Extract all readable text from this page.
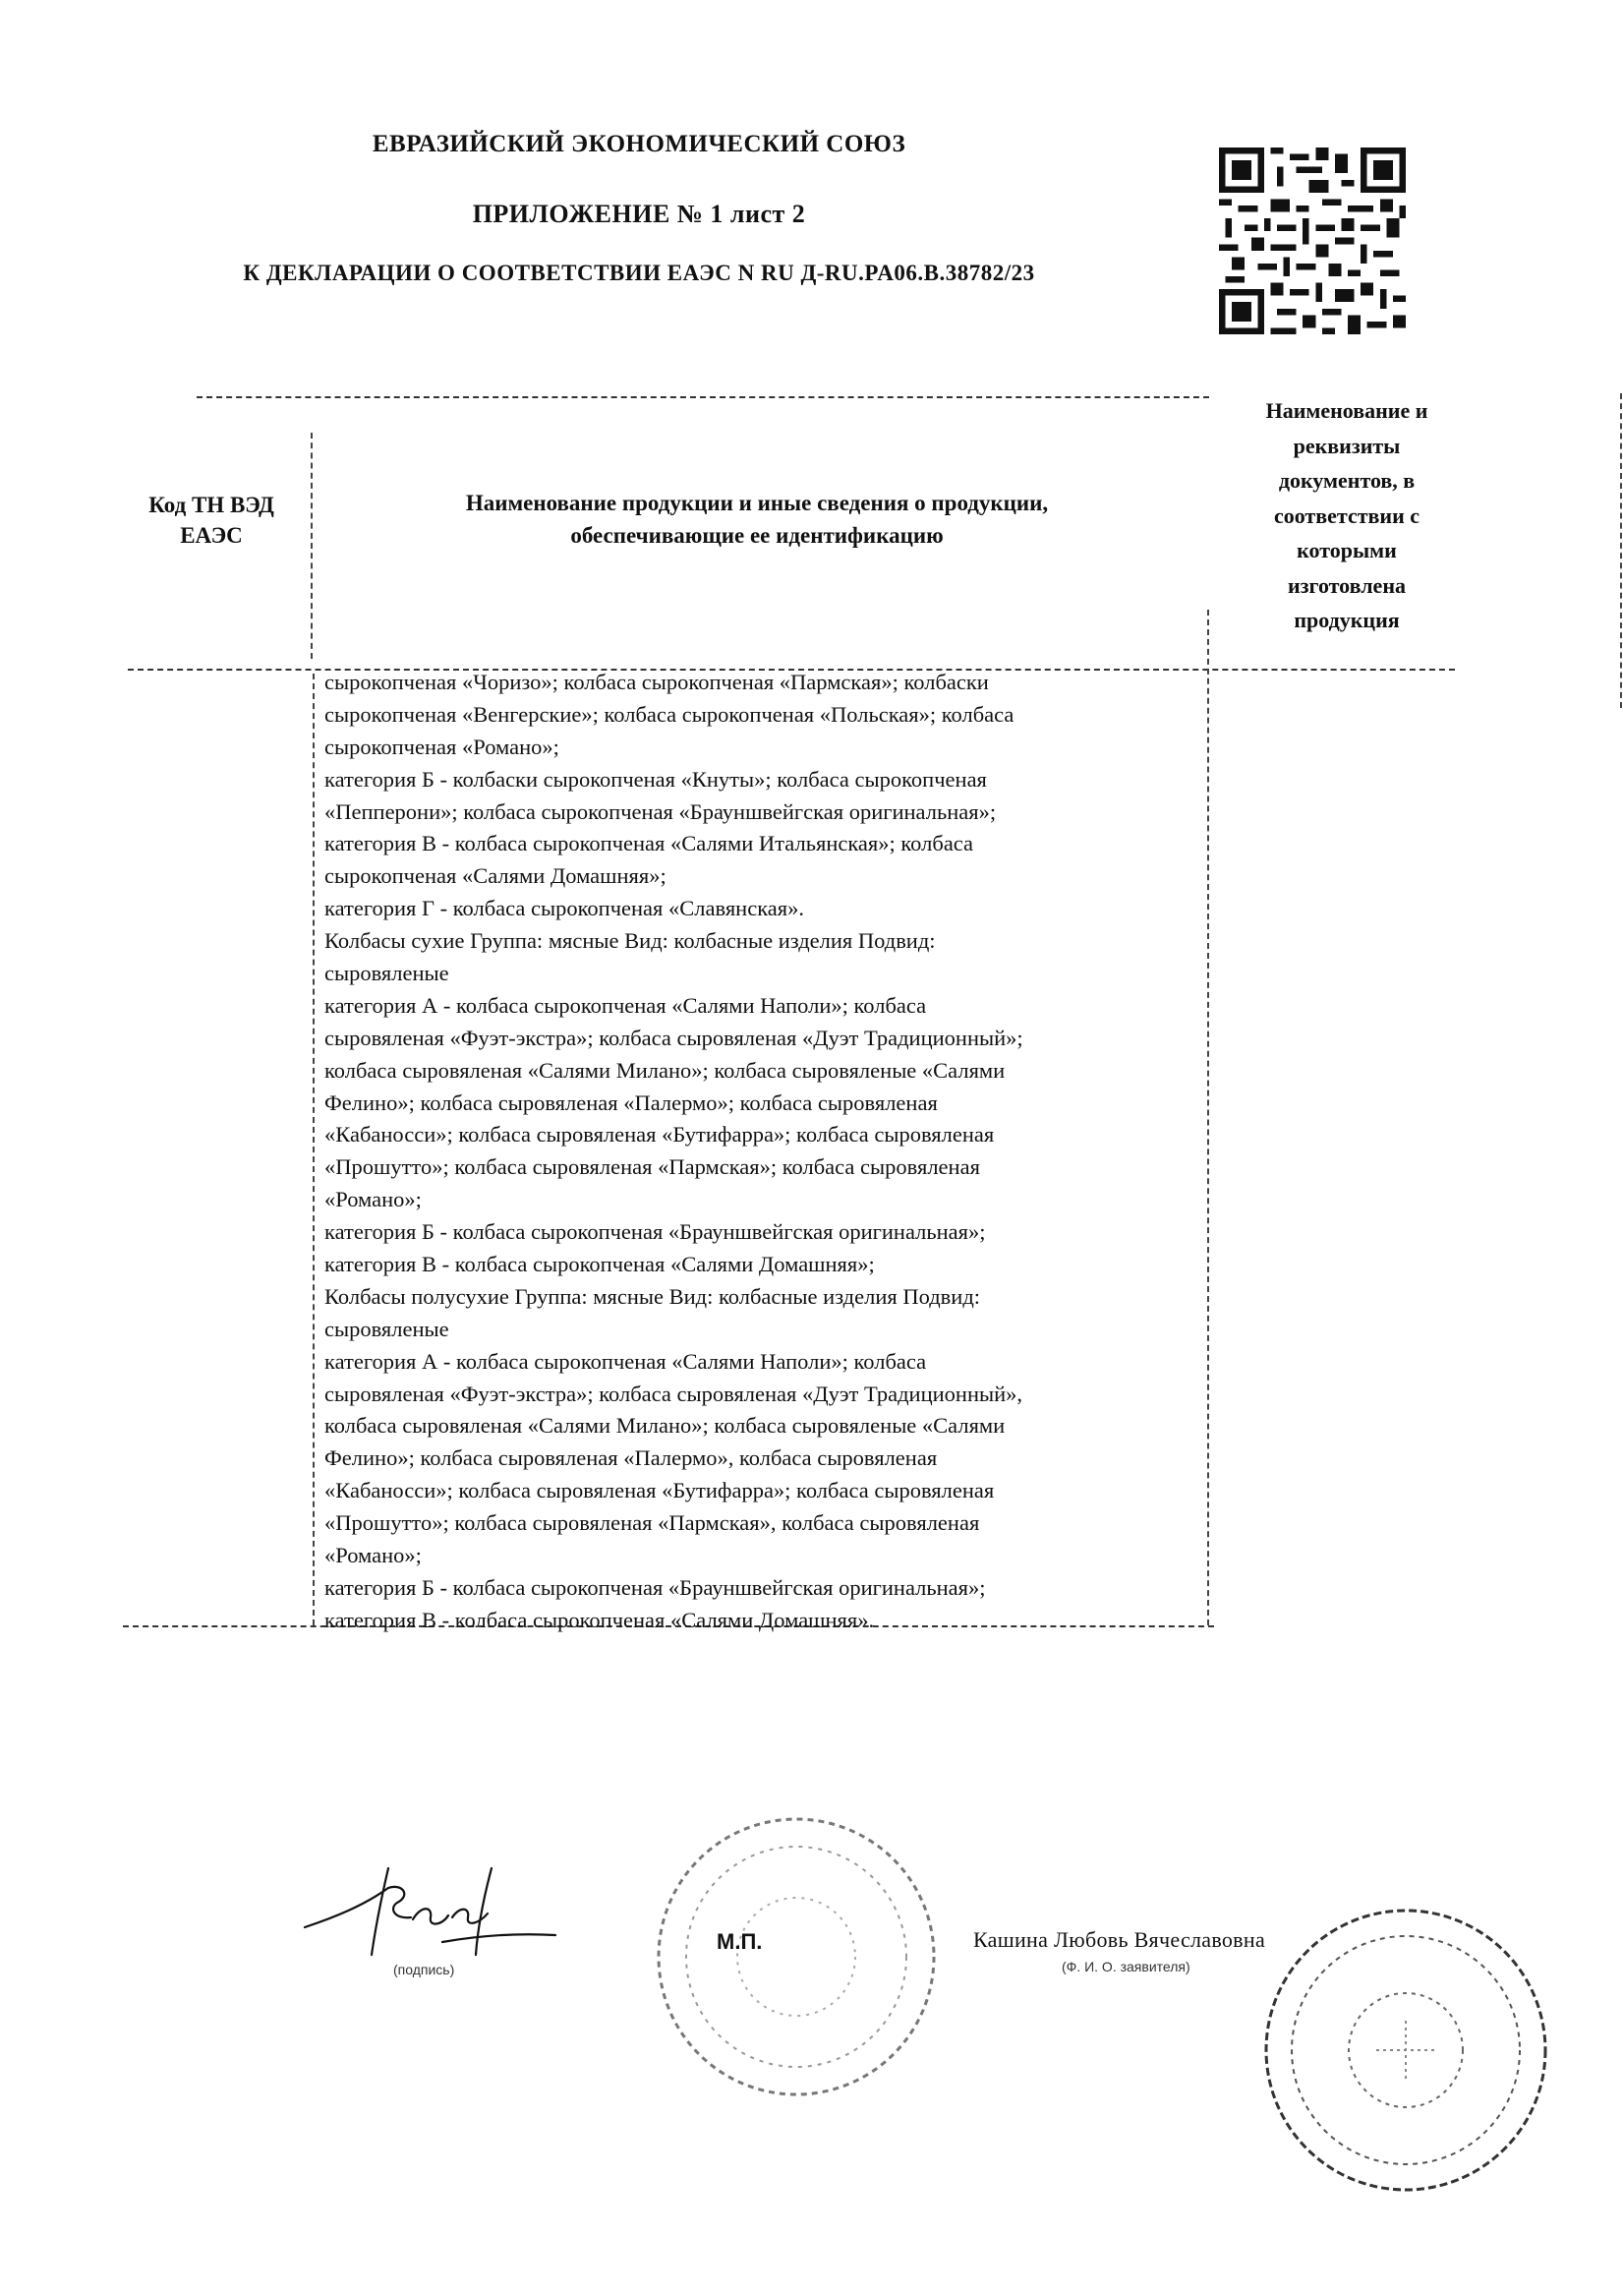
ЕВРАЗИЙСКИЙ ЭКОНОМИЧЕСКИЙ СОЮЗ
ПРИЛОЖЕНИЕ № 1 лист 2
К ДЕКЛАРАЦИИ О СООТВЕТСТВИИ ЕАЭС N RU Д-RU.PA06.B.38782/23
Код ТН ВЭД
ЕАЭС
Наименование продукции и иные сведения о продукции,
обеспечивающие ее идентификацию
Наименование и
реквизиты
документов, в
соответствии с
которыми
изготовлена
продукция
сырокопченая «Чоризо»; колбаса сырокопченая «Пармская»; колбаски
сырокопченая «Венгерские»; колбаса сырокопченая «Польская»; колбаса
сырокопченая «Романо»;
категория Б - колбаски сырокопченая «Кнуты»; колбаса сырокопченая
«Пепперони»; колбаса сырокопченая «Брауншвейгская оригинальная»;
категория В - колбаса сырокопченая «Салями Итальянская»; колбаса
сырокопченая «Салями Домашняя»;
категория Г - колбаса сырокопченая «Славянская».
Колбасы сухие Группа: мясные Вид: колбасные изделия Подвид:
сыровяленые
категория А - колбаса сырокопченая «Салями Наполи»; колбаса
сыровяленая «Фуэт-экстра»; колбаса сыровяленая «Дуэт Традиционный»;
колбаса сыровяленая «Салями Милано»; колбаса сыровяленые «Салями
Фелино»; колбаса сыровяленая «Палермо»; колбаса сыровяленая
«Кабаносси»; колбаса сыровяленая «Бутифарра»; колбаса сыровяленая
«Прошутто»; колбаса сыровяленая «Пармская»; колбаса сыровяленая
«Романо»;
категория Б - колбаса сырокопченая «Брауншвейгская оригинальная»;
категория В - колбаса сырокопченая «Салями Домашняя»;
Колбасы полусухие Группа: мясные Вид: колбасные изделия Подвид:
сыровяленые
категория А - колбаса сырокопченая «Салями Наполи»; колбаса
сыровяленая «Фуэт-экстра»; колбаса сыровяленая «Дуэт Традиционный»,
колбаса сыровяленая «Салями Милано»; колбаса сыровяленые «Салями
Фелино»; колбаса сыровяленая «Палермо», колбаса сыровяленая
«Кабаносси»; колбаса сыровяленая «Бутифарра»; колбаса сыровяленая
«Прошутто»; колбаса сыровяленая «Пармская», колбаса сыровяленая
«Романо»;
категория Б - колбаса сырокопченая «Брауншвейгская оригинальная»;
категория В - колбаса сырокопченая «Салями Домашняя».
(подпись)
М.П.	Кашина Любовь Вячеславовна
(Ф. И. О. заявителя)
